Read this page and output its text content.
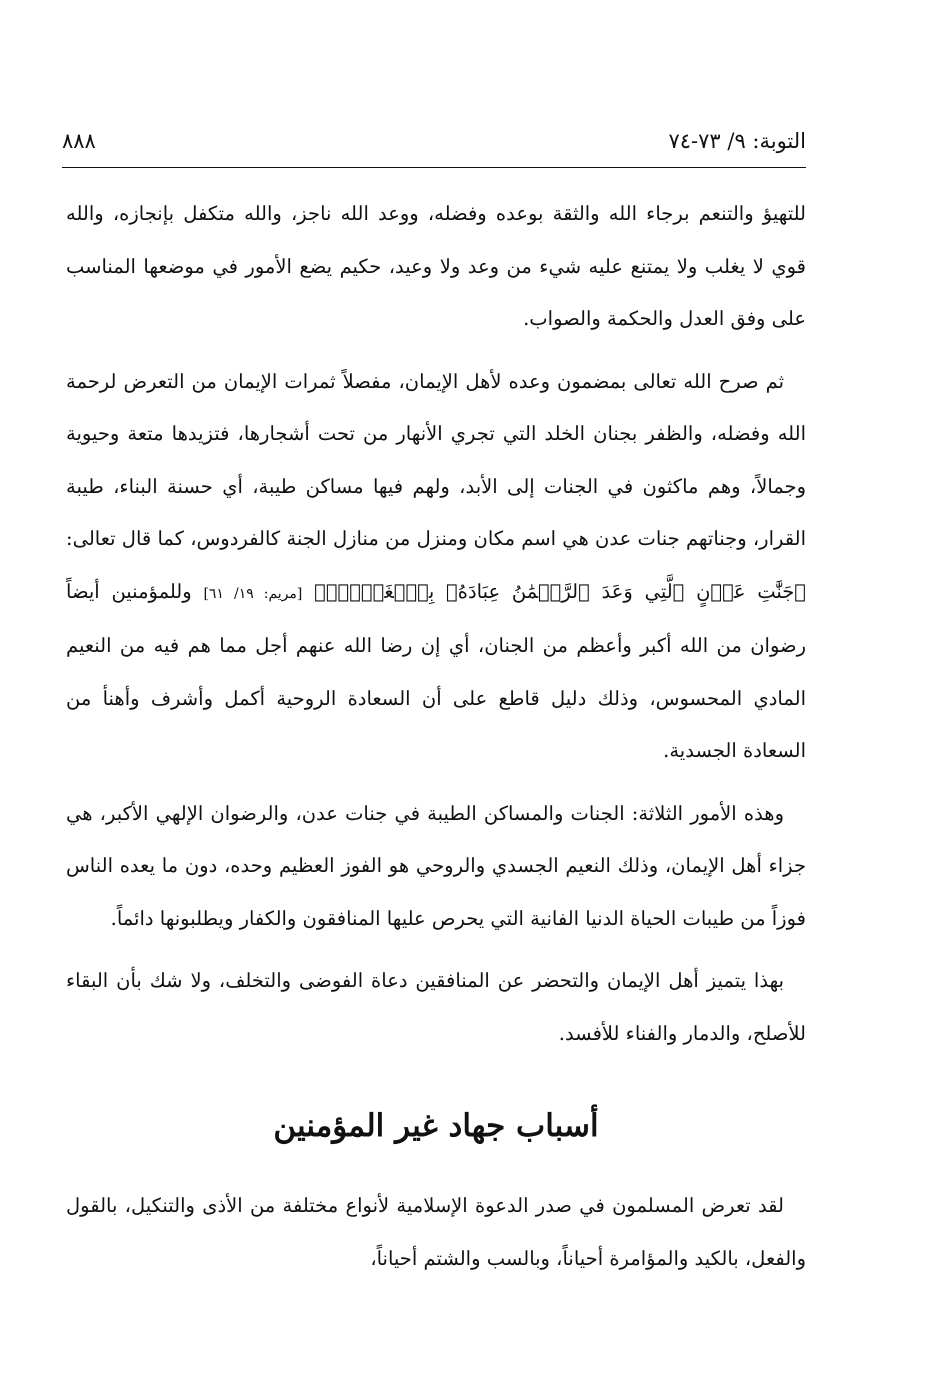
التوبة: ٩/ ٧٣-٧٤
٨٨٨

للتهيؤ والتنعم برجاء الله والثقة بوعده وفضله، ووعد الله ناجز، والله متكفل بإنجازه، والله قوي لا يغلب ولا يمتنع عليه شيء من وعد ولا وعيد، حكيم يضع الأمور في موضعها المناسب على وفق العدل والحكمة والصواب.

ثم صرح الله تعالى بمضمون وعده لأهل الإيمان، مفصلاً ثمرات الإيمان من التعرض لرحمة الله وفضله، والظفر بجنان الخلد التي تجري الأنهار من تحت أشجارها، فتزيدها متعة وحيوية وجمالاً، وهم ماكثون في الجنات إلى الأبد، ولهم فيها مساكن طيبة، أي حسنة البناء، طيبة القرار، وجناتهم جنات عدن هي اسم مكان ومنزل من منازل الجنة كالفردوس، كما قال تعالى: ﴿جَنَّٰتِ عَدۡنٍ ٱلَّتِي وَعَدَ ٱلرَّحۡمَٰنُ عِبَادَهُۥ بِٱلۡغَيۡبِۚ﴾ [مريم: ١٩/ ٦١] وللمؤمنين أيضاً رضوان من الله أكبر وأعظم من الجنان، أي إن رضا الله عنهم أجل مما هم فيه من النعيم المادي المحسوس، وذلك دليل قاطع على أن السعادة الروحية أكمل وأشرف وأهنأ من السعادة الجسدية.

وهذه الأمور الثلاثة: الجنات والمساكن الطيبة في جنات عدن، والرضوان الإلهي الأكبر، هي جزاء أهل الإيمان، وذلك النعيم الجسدي والروحي هو الفوز العظيم وحده، دون ما يعده الناس فوزاً من طيبات الحياة الدنيا الفانية التي يحرص عليها المنافقون والكفار ويطلبونها دائماً.

بهذا يتميز أهل الإيمان والتحضر عن المنافقين دعاة الفوضى والتخلف، ولا شك بأن البقاء للأصلح، والدمار والفناء للأفسد.

أسباب جهاد غير المؤمنين

لقد تعرض المسلمون في صدر الدعوة الإسلامية لأنواع مختلفة من الأذى والتنكيل، بالقول والفعل، بالكيد والمؤامرة أحياناً، وبالسب والشتم أحياناً،
